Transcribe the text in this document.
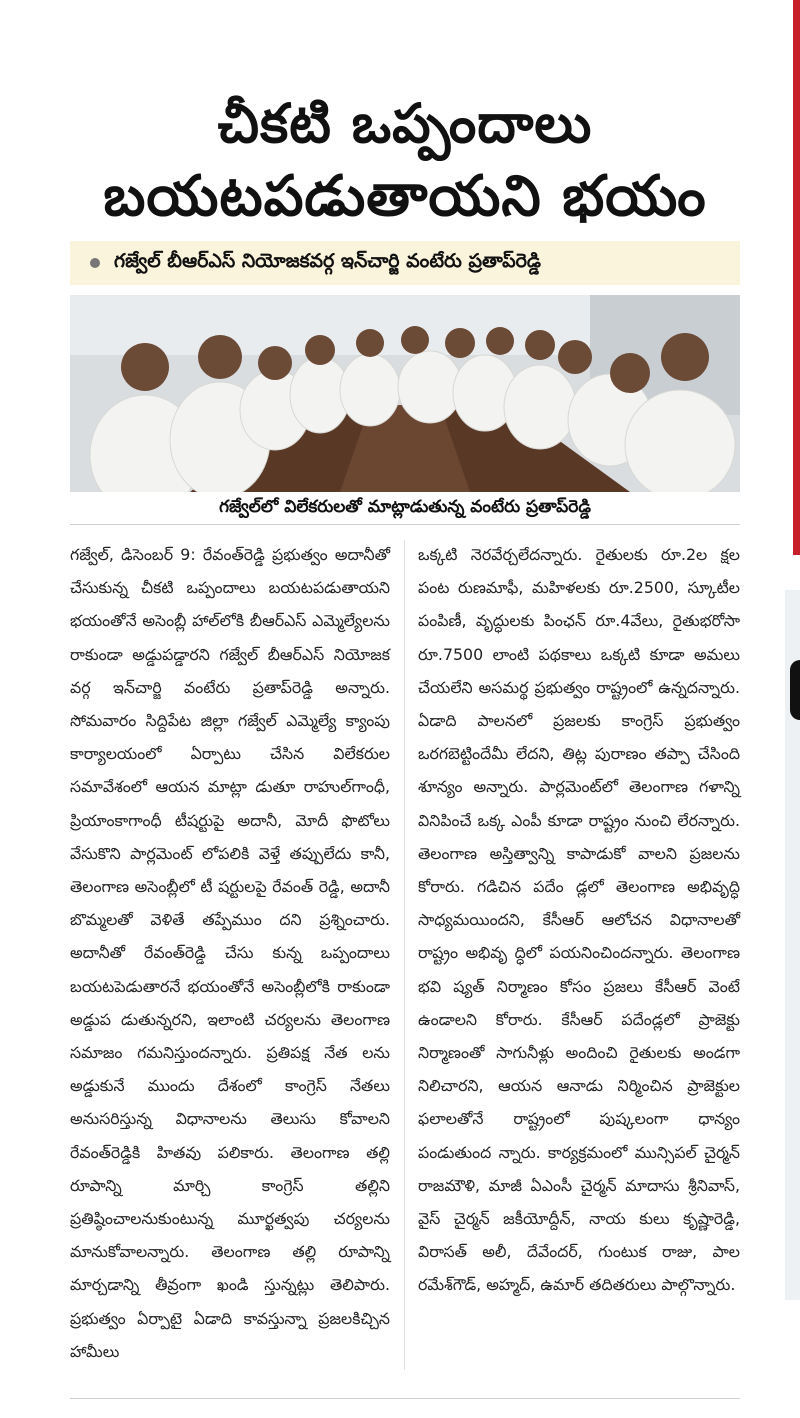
చీకటి ఒప్పందాలు
బయటపడుతాయని భయం
గజ్వేల్ బీఆర్ఎస్ నియోజకవర్గ ఇన్‌చార్జి వంటేరు ప్రతాప్‌రెడ్డి
గజ్వేల్‌లో విలేకరులతో మాట్లాడుతున్న వంటేరు ప్రతాప్‌రెడ్డి
గజ్వేల్, డిసెంబర్ 9: రేవంత్‌రెడ్డి ప్రభుత్వం అదానీతో చేసుకున్న చీకటి ఒప్పందాలు బయటపడుతాయని భయంతోనే అసెంబ్లీ హాల్‌లోకి బీఆర్ఎస్ ఎమ్మెల్యేలను రాకుండా అడ్డుపడ్డారని గజ్వేల్ బీఆర్ఎస్ నియోజక వర్గ ఇన్‌చార్జి వంటేరు ప్రతాప్‌రెడ్డి అన్నారు. సోమవారం సిద్దిపేట జిల్లా గజ్వేల్ ఎమ్మెల్యే క్యాంపు కార్యాలయంలో ఏర్పాటు చేసిన విలేకరుల సమావేశంలో ఆయన మాట్లా డుతూ రాహుల్‌గాంధీ, ప్రియాంకాగాంధీ టీషర్టుపై అదానీ, మోదీ ఫొటోలు వేసుకొని పార్లమెంట్ లోపలికి వెళ్తే తప్పులేదు కానీ, తెలంగాణ అసెంబ్లీలో టీ షర్టులపై రేవంత్ రెడ్డి, అదానీ బొమ్మలతో వెళితే తప్పేముం దని ప్రశ్నించారు. అదానీతో రేవంత్‌రెడ్డి చేసు కున్న ఒప్పందాలు బయటపెడుతారనే భయంతోనే అసెంబ్లీలోకి రాకుండా అడ్డుప డుతున్నరని, ఇలాంటి చర్యలను తెలంగాణ సమాజం గమనిస్తుందన్నారు. ప్రతిపక్ష నేత లను అడ్డుకునే ముందు దేశంలో కాంగ్రెస్ నేతలు అనుసరిస్తున్న విధానాలను తెలుసు కోవాలని రేవంత్‌రెడ్డికి హితవు పలికారు. తెలంగాణ తల్లి రూపాన్ని మార్చి కాంగ్రెస్ తల్లిని ప్రతిష్ఠించాలనుకుంటున్న మూర్ఖత్వపు చర్యలను మానుకోవాలన్నారు. తెలంగాణ తల్లి రూపాన్ని మార్చడాన్ని తీవ్రంగా ఖండి స్తున్నట్లు తెలిపారు. ప్రభుత్వం ఏర్పాటై ఏడాది కావస్తున్నా ప్రజలకిచ్చిన హామీలు
ఒక్కటి నెరవేర్చలేదన్నారు. రైతులకు రూ.2ల క్షల పంట రుణమాఫీ, మహిళలకు రూ.2500, స్కూటీల పంపిణీ, వృద్ధులకు పింఛన్ రూ.4వేలు, రైతుభరోసా రూ.7500 లాంటి పథకాలు ఒక్కటి కూడా అమలు చేయలేని అసమర్థ ప్రభుత్వం రాష్ట్రంలో ఉన్నదన్నారు. ఏడాది పాలనలో ప్రజలకు కాంగ్రెస్ ప్రభుత్వం ఒరగబెట్టిందేమీ లేదని, తిట్ల పురాణం తప్పా చేసింది శూన్యం అన్నారు. పార్లమెంట్‌లో తెలంగాణ గళాన్ని వినిపించే ఒక్క ఎంపీ కూడా రాష్ట్రం నుంచి లేరన్నారు. తెలంగాణ అస్తిత్వాన్ని కాపాడుకో వాలని ప్రజలను కోరారు. గడిచిన పదేం డ్లలో తెలంగాణ అభివృద్ధి సాధ్యమయిందని, కేసీఆర్ ఆలోచన విధానాలతో రాష్ట్రం అభివృ ద్ధిలో పయనించిందన్నారు. తెలంగాణ భవి ష్యత్ నిర్మాణం కోసం ప్రజలు కేసీఆర్ వెంటే ఉండాలని కోరారు. కేసీఆర్ పదేండ్లలో ప్రాజెక్టు నిర్మాణంతో సాగునీళ్లు అందించి రైతులకు అండగా నిలిచారని, ఆయన ఆనాడు నిర్మించిన ప్రాజెక్టుల ఫలాలతోనే రాష్ట్రంలో పుష్కలంగా ధాన్యం పండుతుంద న్నారు. కార్యక్రమంలో మున్సిపల్ చైర్మన్ రాజమౌళి, మాజీ ఏఎంసీ చైర్మన్ మాదాసు శ్రీనివాస్, వైస్ చైర్మన్ జకీయోద్దీన్, నాయ కులు కృష్ణారెడ్డి, విరాసత్ అలీ, దేవేందర్, గుంటుక రాజు, పాల రమేశ్‌గౌడ్, అహ్మద్, ఉమార్ తదితరులు పాల్గొన్నారు.
